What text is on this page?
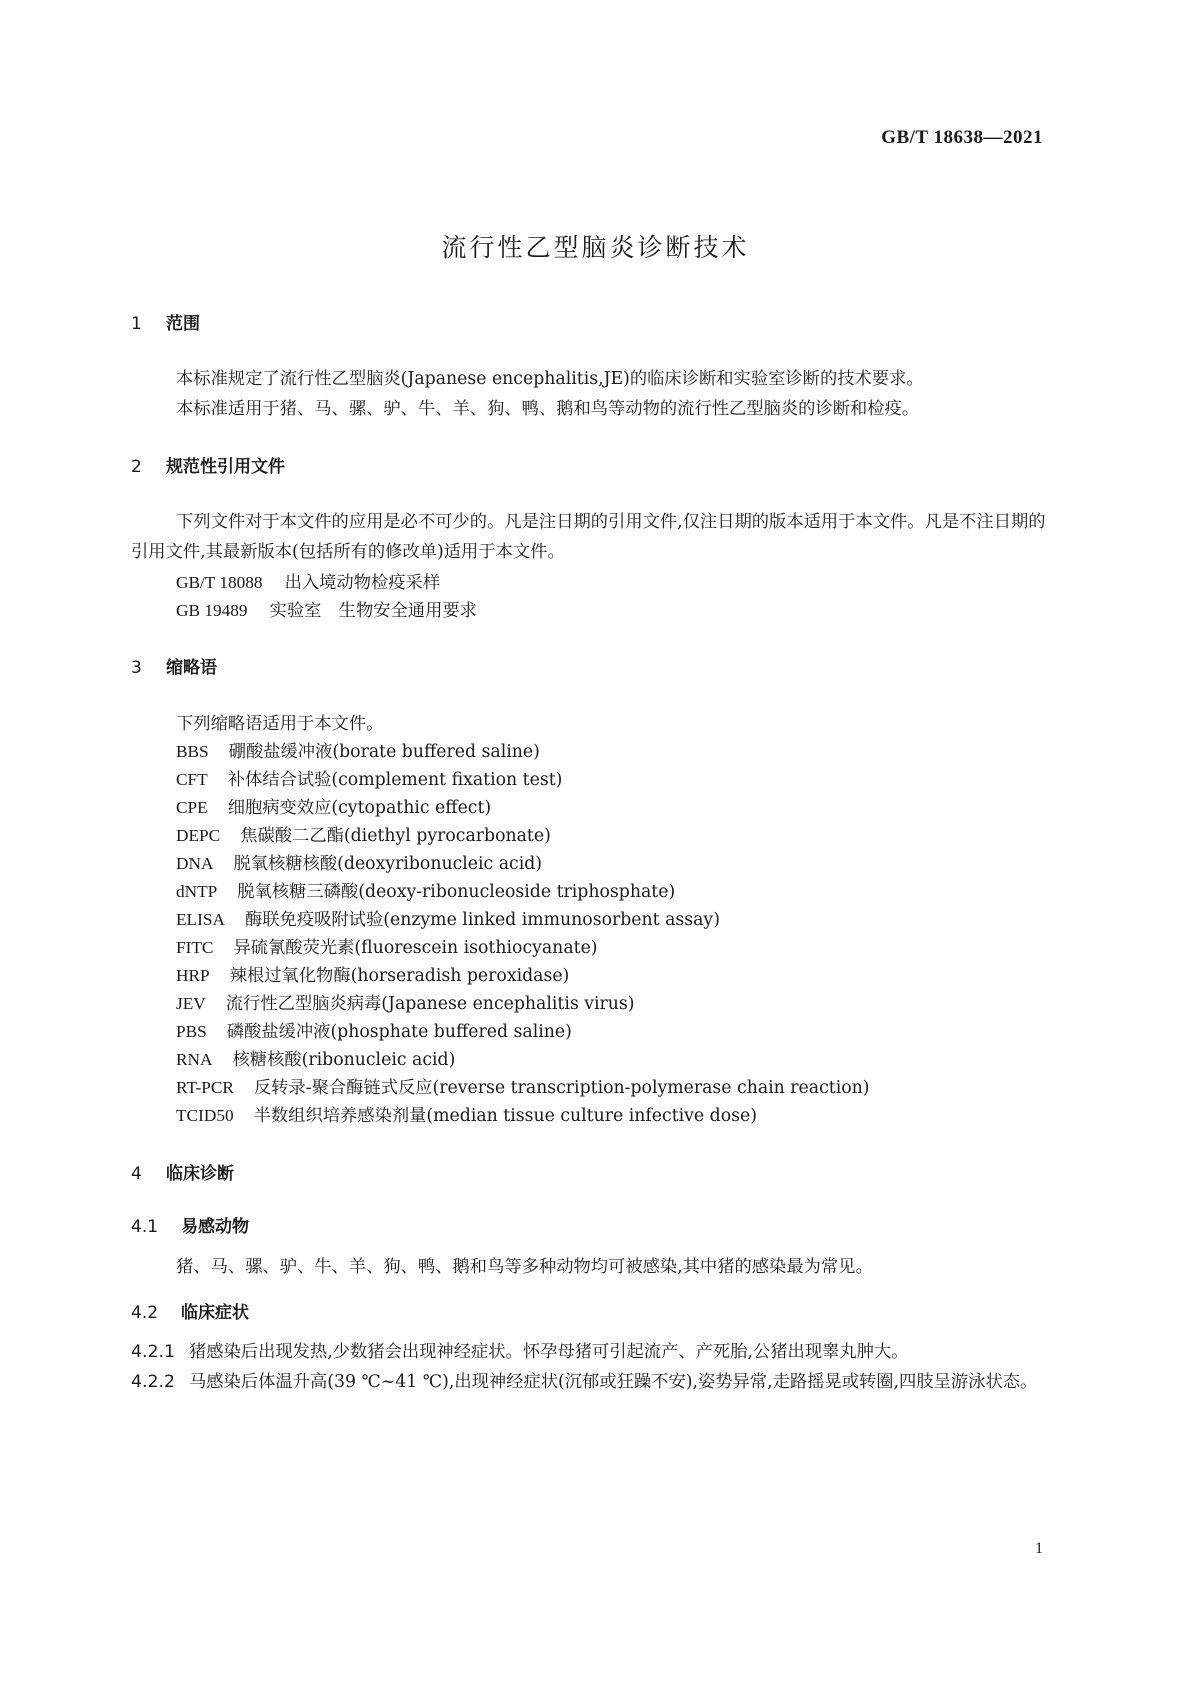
GB/T 18638—2021
流行性乙型脑炎诊断技术
1 范围
本标准规定了流行性乙型脑炎(Japanese encephalitis,JE)的临床诊断和实验室诊断的技术要求。
本标准适用于猪、马、骡、驴、牛、羊、狗、鸭、鹅和鸟等动物的流行性乙型脑炎的诊断和检疫。
2 规范性引用文件
下列文件对于本文件的应用是必不可少的。凡是注日期的引用文件,仅注日期的版本适用于本文件。凡是不注日期的引用文件,其最新版本(包括所有的修改单)适用于本文件。
GB/T 18088 出入境动物检疫采样
GB 19489 实验室　生物安全通用要求
3 缩略语
下列缩略语适用于本文件。
BBS 硼酸盐缓冲液(borate buffered saline)
CFT 补体结合试验(complement fixation test)
CPE 细胞病变效应(cytopathic effect)
DEPC 焦碳酸二乙酯(diethyl pyrocarbonate)
DNA 脱氧核糖核酸(deoxyribonucleic acid)
dNTP 脱氧核糖三磷酸(deoxy-ribonucleoside triphosphate)
ELISA 酶联免疫吸附试验(enzyme linked immunosorbent assay)
FITC 异硫氰酸荧光素(fluorescein isothiocyanate)
HRP 辣根过氧化物酶(horseradish peroxidase)
JEV 流行性乙型脑炎病毒(Japanese encephalitis virus)
PBS 磷酸盐缓冲液(phosphate buffered saline)
RNA 核糖核酸(ribonucleic acid)
RT-PCR 反转录-聚合酶链式反应(reverse transcription-polymerase chain reaction)
TCID50 半数组织培养感染剂量(median tissue culture infective dose)
4 临床诊断
4.1 易感动物
猪、马、骡、驴、牛、羊、狗、鸭、鹅和鸟等多种动物均可被感染,其中猪的感染最为常见。
4.2 临床症状
4.2.1 猪感染后出现发热,少数猪会出现神经症状。怀孕母猪可引起流产、产死胎,公猪出现睾丸肿大。
4.2.2 马感染后体温升高(39 ℃~41 ℃),出现神经症状(沉郁或狂躁不安),姿势异常,走路摇晃或转圈,四肢呈游泳状态。
1
